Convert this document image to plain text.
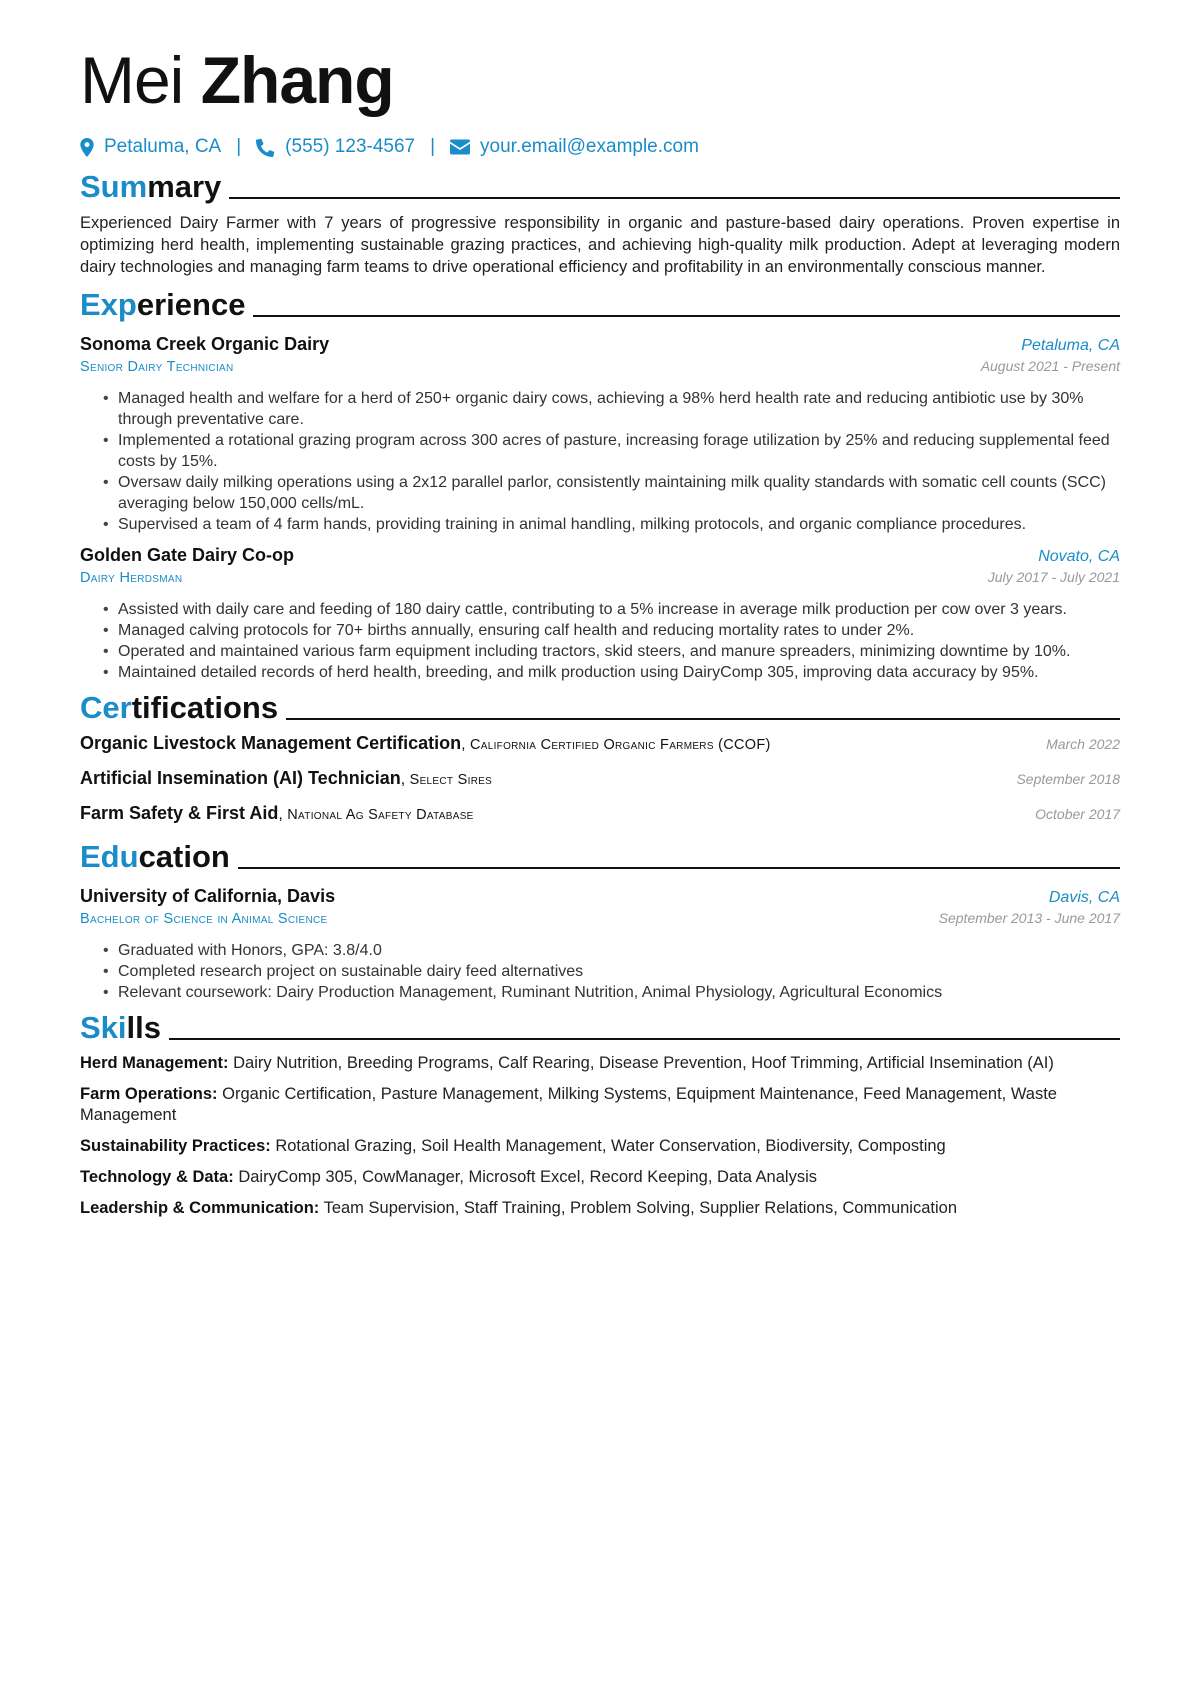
Mei Zhang
Petaluma, CA | (555) 123-4567 | your.email@example.com
Summary

Experienced Dairy Farmer with 7 years of progressive responsibility in organic and pasture-based dairy operations. Proven expertise in optimizing herd health, implementing sustainable grazing practices, and achieving high-quality milk production. Adept at leveraging modern dairy technologies and managing farm teams to drive operational efficiency and profitability in an environmentally conscious manner.

Experience
Sonoma Creek Organic Dairy	Petaluma, CA
Senior Dairy Technician	August 2021 - Present
• Managed health and welfare for a herd of 250+ organic dairy cows, achieving a 98% herd health rate and reducing antibiotic use by 30% through preventative care.
• Implemented a rotational grazing program across 300 acres of pasture, increasing forage utilization by 25% and reducing supplemental feed costs by 15%.
• Oversaw daily milking operations using a 2x12 parallel parlor, consistently maintaining milk quality standards with somatic cell counts (SCC) averaging below 150,000 cells/mL.
• Supervised a team of 4 farm hands, providing training in animal handling, milking protocols, and organic compliance procedures.
Golden Gate Dairy Co-op	Novato, CA
Dairy Herdsman	July 2017 - July 2021
• Assisted with daily care and feeding of 180 dairy cattle, contributing to a 5% increase in average milk production per cow over 3 years.
• Managed calving protocols for 70+ births annually, ensuring calf health and reducing mortality rates to under 2%.
• Operated and maintained various farm equipment including tractors, skid steers, and manure spreaders, minimizing downtime by 10%.
• Maintained detailed records of herd health, breeding, and milk production using DairyComp 305, improving data accuracy by 95%.
Certifications
Organic Livestock Management Certification, California Certified Organic Farmers (CCOF)	March 2022
Artificial Insemination (AI) Technician, Select Sires	September 2018
Farm Safety & First Aid, National Ag Safety Database	October 2017
Education
University of California, Davis	Davis, CA
Bachelor of Science in Animal Science	September 2013 - June 2017
• Graduated with Honors, GPA: 3.8/4.0
• Completed research project on sustainable dairy feed alternatives
• Relevant coursework: Dairy Production Management, Ruminant Nutrition, Animal Physiology, Agricultural Economics
Skills

Herd Management: Dairy Nutrition, Breeding Programs, Calf Rearing, Disease Prevention, Hoof Trimming, Artificial Insemination (AI)

Farm Operations: Organic Certification, Pasture Management, Milking Systems, Equipment Maintenance, Feed Management, Waste Management

Sustainability Practices: Rotational Grazing, Soil Health Management, Water Conservation, Biodiversity, Composting

Technology & Data: DairyComp 305, CowManager, Microsoft Excel, Record Keeping, Data Analysis

Leadership & Communication: Team Supervision, Staff Training, Problem Solving, Supplier Relations, Communication
